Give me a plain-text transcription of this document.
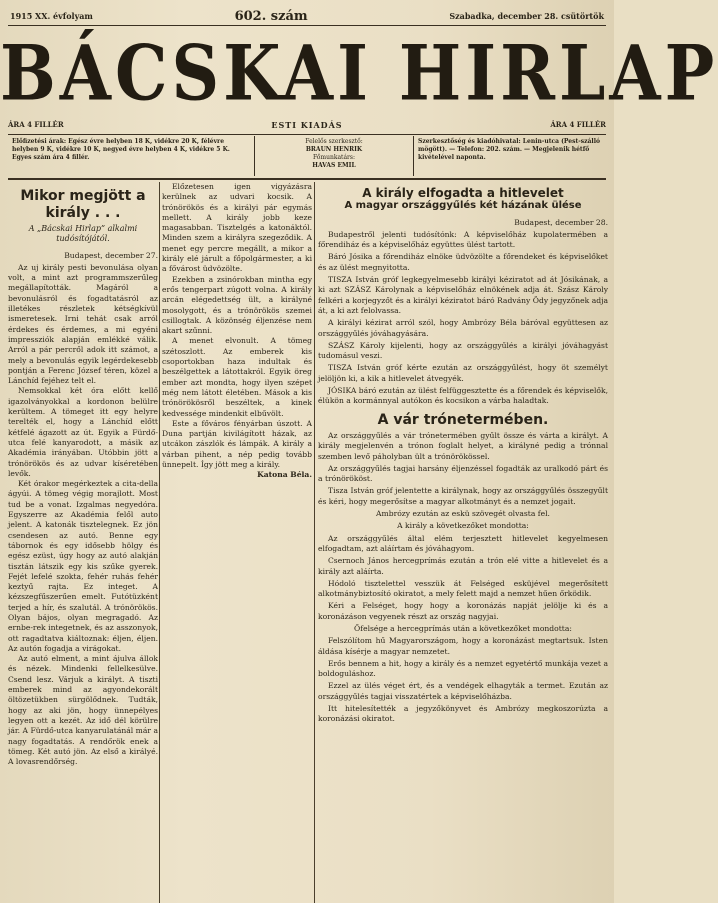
1915 XX. évfolyam	602. szám	Szabadka, december 28. csütörtök
BÁCSKAI HIRLAP
ÁRA 4 FILLÉR	ESTI KIADÁS	ÁRA 4 FILLÉR
Előfizetési árak: Egész évre helyben 18 K, vidékre 20 K, félévre helyben 9 K, vidékre 10 K, negyed évre helyben 4 K, vidékre 5 K. Egyes szám ára 4 fillér.
Felelős szerkesztő:
BRAUN HENRIK
Főmunkatárs:
HAVAS EMIL
Szerkesztőség és kiadóhivatal: Lenin-utca (Pest-szálló mögött). — Telefon: 202. szám. — Megjelenik hétfő kivételével naponta.
Mikor megjött a király . . .
A „Bácskai Hirlap” alkalmi tudósítójától.
Budapest, december 27.

Az uj király pesti bevonulása olyan volt, a mint azt programmszerűleg megállapították. Magáról a bevonulásról és fogadtatásról az illetékes részletek kétségkívül ismeretesek. Irni tehát csak arról érdekes és érdemes, a mi egyéni impressziók alapján emlékké válik. Arról a pár percről adok itt számot, a mely a bevonulás egyik legérdekesebb pontján a Ferenc József téren, közel a Lánchíd fejéhez telt el.

Nemsokkal két óra előtt kellő igazolványokkal a kordonon belülre kerültem. A tömeget itt egy helyre terelték el, hogy a Lánchíd előtt kétfelé ágazott az út. Egyik a Fürdő-utca felé kanyarodott, a másik az Akadémia irányában. Utóbbin jött a trónörökös és az udvar kíséretében levők.

Két órakor megérkeztek a cita-della ágyúi. A tömeg végig morajlott. Most tud be a vonat. Izgalmas negyedóra. Egyszerre az Akadémia felől auto jelent. A katonák tisztelegnek. Ez jön csendesen az autó. Benne egy tábornok és egy idősebb hölgy és egész ezüst, úgy hogy az autó alakján tisztán látszik egy kis szűke gyerek. Fejét lefelé szokta, fehér ruhás fehér keztyű rajta. Ez integet. A kézszegfűszerűen emelt. Futótüzként terjed a hír, és szalutál. A trónörökös. Olyan bájos, olyan megragadó. Az ernbe-rek integetnek, és az asszonyok, ott ragadtatva kiáltoznak: éljen, éljen. Az autón fogadja a virágokat.

Az autó elment, a mint ájulva állok és nézek. Mindenki fellelkesülve. Csend lesz. Várjuk a királyt. A tiszti emberek mind az agyondekorált öltözetükben sürgölődnek. Tudták, hogy az aki jön, hogy ünnepélyes legyen ott a kezét. Az idő dél körülre jár. A Fürdő-utca kanyarulatánál már a nagy fogadtatás. A rendőrök enek a tömeg. Két autó jön. Az első a királyé. A lovasrendőrség.

Előzetesen igen vigyázásra kerülnek az udvari kocsik. A trónörökös és a királyi pár egymás mellett. A király jobb keze magasabban. Tisztelgés a katonáktól. Minden szem a királyra szegeződik. A menet egy percre megállt, a mikor a király elé járult a főpolgármester, a ki a fővárost üdvözölte.

Ezekben a zsinórokban mintha egy erős tengerpart zúgott volna. A király arcán elégedettség ült, a királyné mosolygott, és a trónörökös szemei csillogtak. A közönség éljenzése nem akart szűnni.

A menet elvonult. A tömeg szétoszlott. Az emberek kis csoportokban haza indultak és beszélgettek a látottakról. Egyik öreg ember azt mondta, hogy ilyen szépet még nem látott életében. Mások a kis trónörökösről beszéltek, a kinek kedvessége mindenkit elbűvölt.

Este a főváros fényárban úszott. A Duna partján kivilágított házak, az utcákon zászlók és lámpák. A király a várban pihent, a nép pedig tovább ünnepelt. Így jött meg a király.

Katona Béla.
A király elfogadta a hitlevelet
A magyar országgyűlés két házának ülése
Budapest, december 28.

Budapestről jelenti tudósítónk: A képviselőház kupolatermében a főrendiház és a képviselőház együttes ülést tartott.

Báró Jósika a főrendiház elnöke üdvözölte a főrendeket és képviselőket és az ülést megnyitotta.

TISZA István gróf legkegyelmesebb királyi kéziratot ad át Jósikának, a ki azt SZÁSZ Károlynak a képviselőház elnökének adja át. Szász Károly felkéri a korjegyzőt és a királyi kéziratot báró Radvány Ödy jegyzőnek adja át, a ki azt felolvassa.

A királyi kézirat arról szól, hogy Ambrózy Béla báróval együttesen az országgyűlés jóváhagyására.

SZÁSZ Károly kijelenti, hogy az országgyűlés a királyi jóváhagyást tudomásul veszi.

TISZA István gróf kérte ezután az országgyűlést, hogy öt személyt jelöljön ki, a kik a hitlevelet átvegyék.

JÓSIKA báró ezután az ülést felfüggesztette és a főrendek és képviselők, élükön a kormánnyal autókon és kocsikon a várba haladtak.

A vár trónetermében.

Az országgyűlés a vár trónetermében gyűlt össze és várta a királyt. A király megjelenvén a trónon foglalt helyet, a királyné pedig a trónnal szemben levő páholyban ült a trónörökössel.

Az országgyűlés tagjai harsány éljenzéssel fogadták az uralkodó párt és a trónörököst.

Tisza István gróf jelentette a királynak, hogy az országgyűlés összegyűlt és kéri, hogy megerősítse a magyar alkotmányt és a nemzet jogait.

Ambrózy ezután az eskü szövegét olvasta fel.

A király a következőket mondotta:

Az országgyűlés által elém terjesztett hitlevelet kegyelmesen elfogadtam, azt aláírtam és jóváhagyom.

Csernoch János hercegprímás ezután a trón elé vitte a hitlevelet és a király azt aláírta.

Hódoló tisztelettel vesszük át Felséged esküjével megerősített alkotmánybiztosító okiratot, a mely felett majd a nemzet hűen őrködik.

Kéri a Felséget, hogy hogy a koronázás napját jelölje ki és a koronázáson vegyenek részt az ország nagyjai.

Őfelsége a hercegprímás után a következőket mondotta:

Felszólítom hű Magyarországom, hogy a koronázást megtartsuk. Isten áldása kísérje a magyar nemzetet.

Erős bennem a hit, hogy a király és a nemzet egyetértő munkája vezet a boldoguláshoz.

Ezzel az ülés véget ért, és a vendégek elhagyták a termet. Ezután az országgyűlés tagjai visszatértek a képviselőházba.

Itt hitelesítették a jegyzőkönyvet és Ambrózy megkoszorúzta a koronázási okiratot.
